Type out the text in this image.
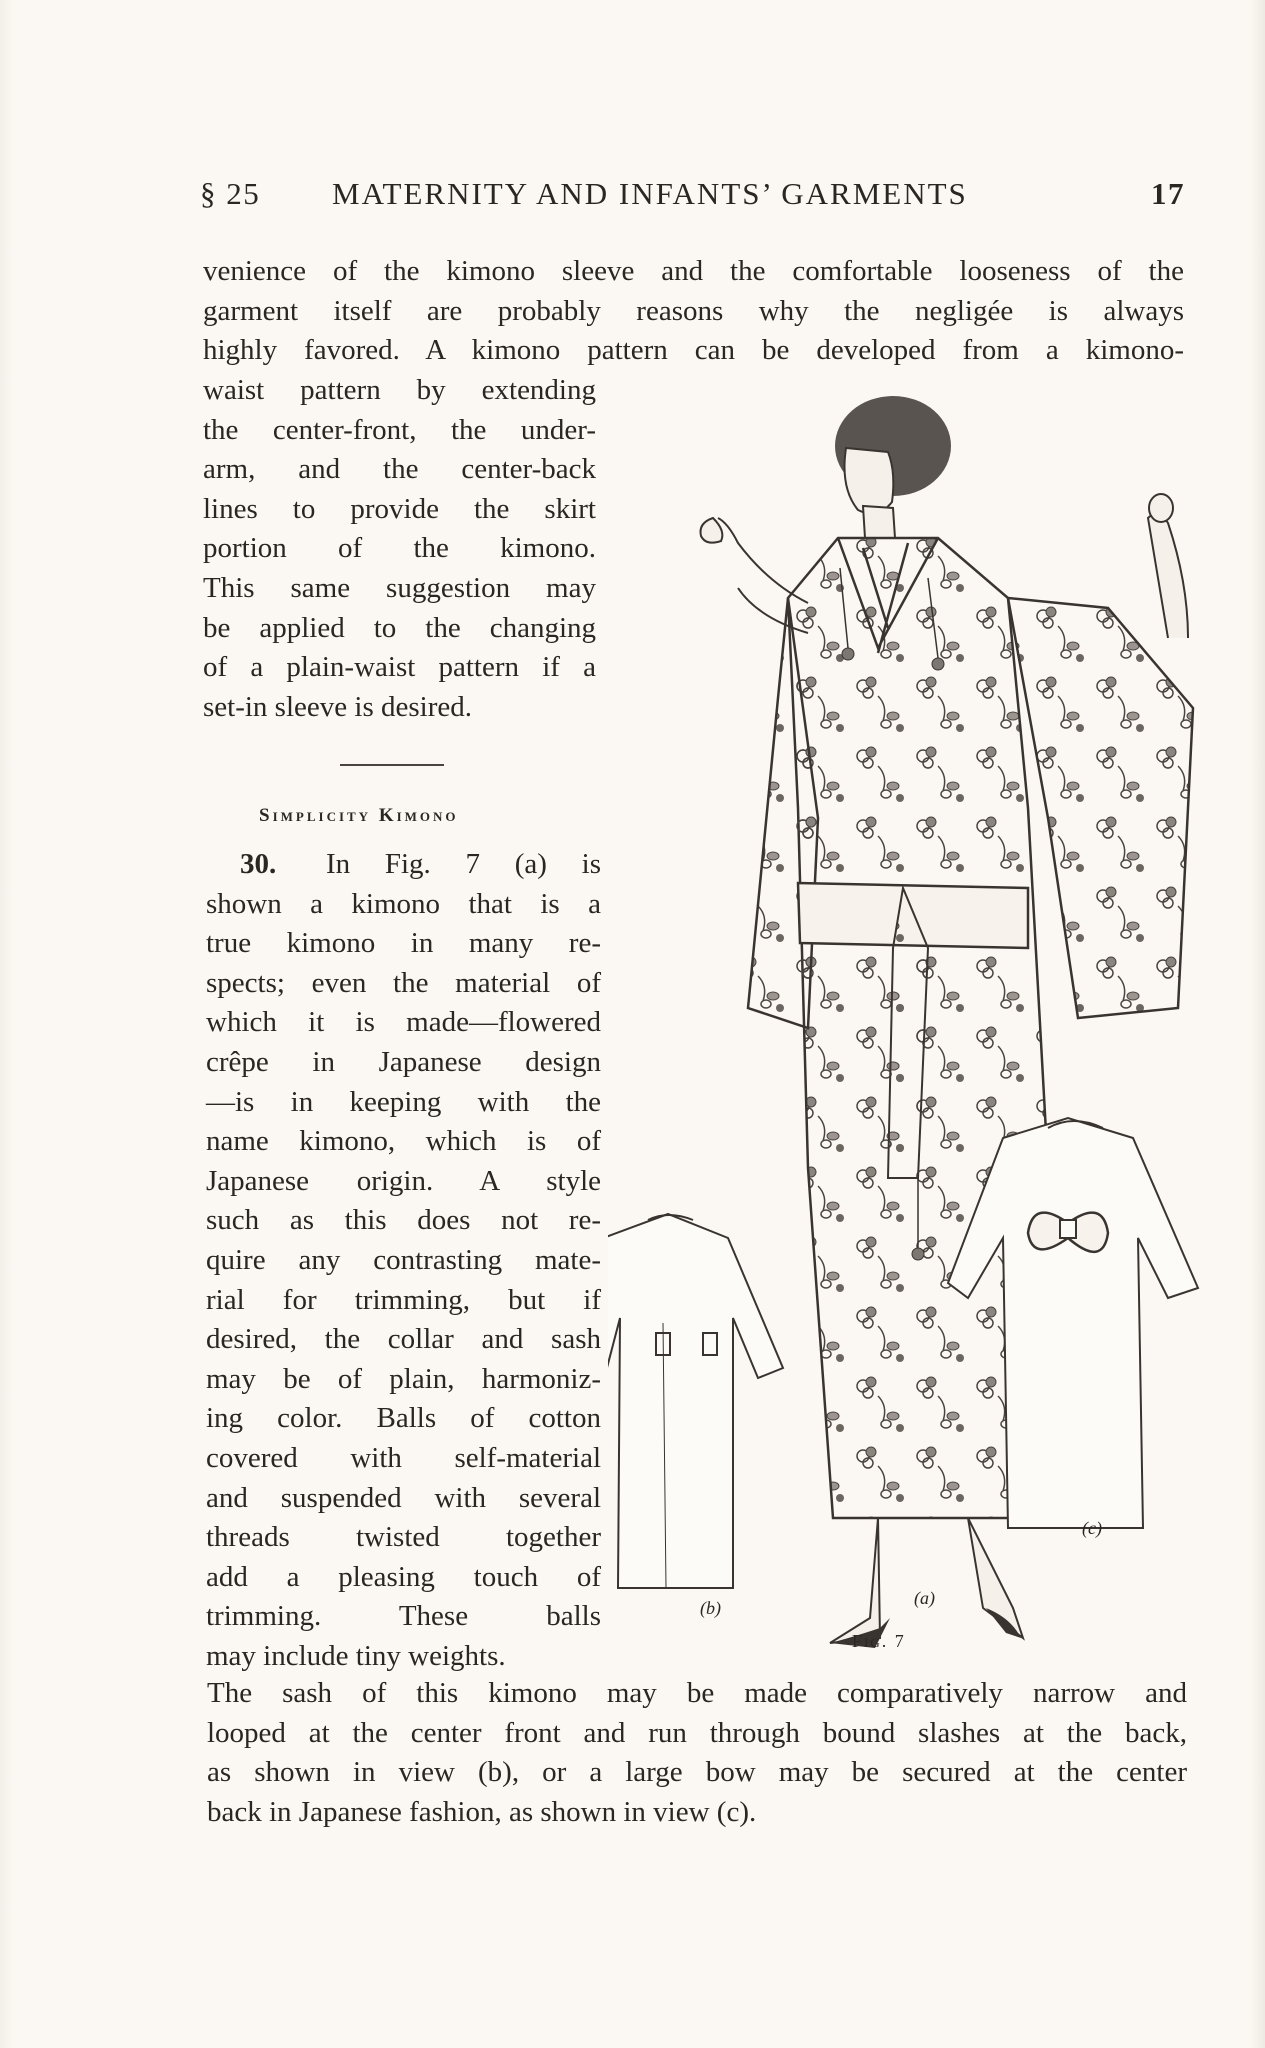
§ 25 MATERNITY AND INFANTS’ GARMENTS	17
venience of the kimono sleeve and the comfortable looseness of the
garment itself are probably reasons why the negligée is always
highly favored. A kimono pattern can be developed from a kimono-
waist pattern by extending
the center-front, the under-
arm, and the center-back
lines to provide the skirt
portion of the kimono.
This same suggestion may
be applied to the changing
of a plain-waist pattern if a
set-in sleeve is desired.
Simplicity Kimono
30. In Fig. 7 (a) is
shown a kimono that is a
true kimono in many re-
spects; even the material of
which it is made—flowered
crêpe in Japanese design
—is in keeping with the
name kimono, which is of
Japanese origin. A style
such as this does not re-
quire any contrasting mate-
rial for trimming, but if
desired, the collar and sash
may be of plain, harmoniz-
ing color. Balls of cotton
covered with self-material
and suspended with several
threads twisted together
add a pleasing touch of
trimming. These balls
may include tiny weights.
The sash of this kimono may be made comparatively narrow and
looped at the center front and run through bound slashes at the back,
as shown in view (b), or a large bow may be secured at the center
back in Japanese fashion, as shown in view (c).
(a)
(b)
(c)
Fig. 7
